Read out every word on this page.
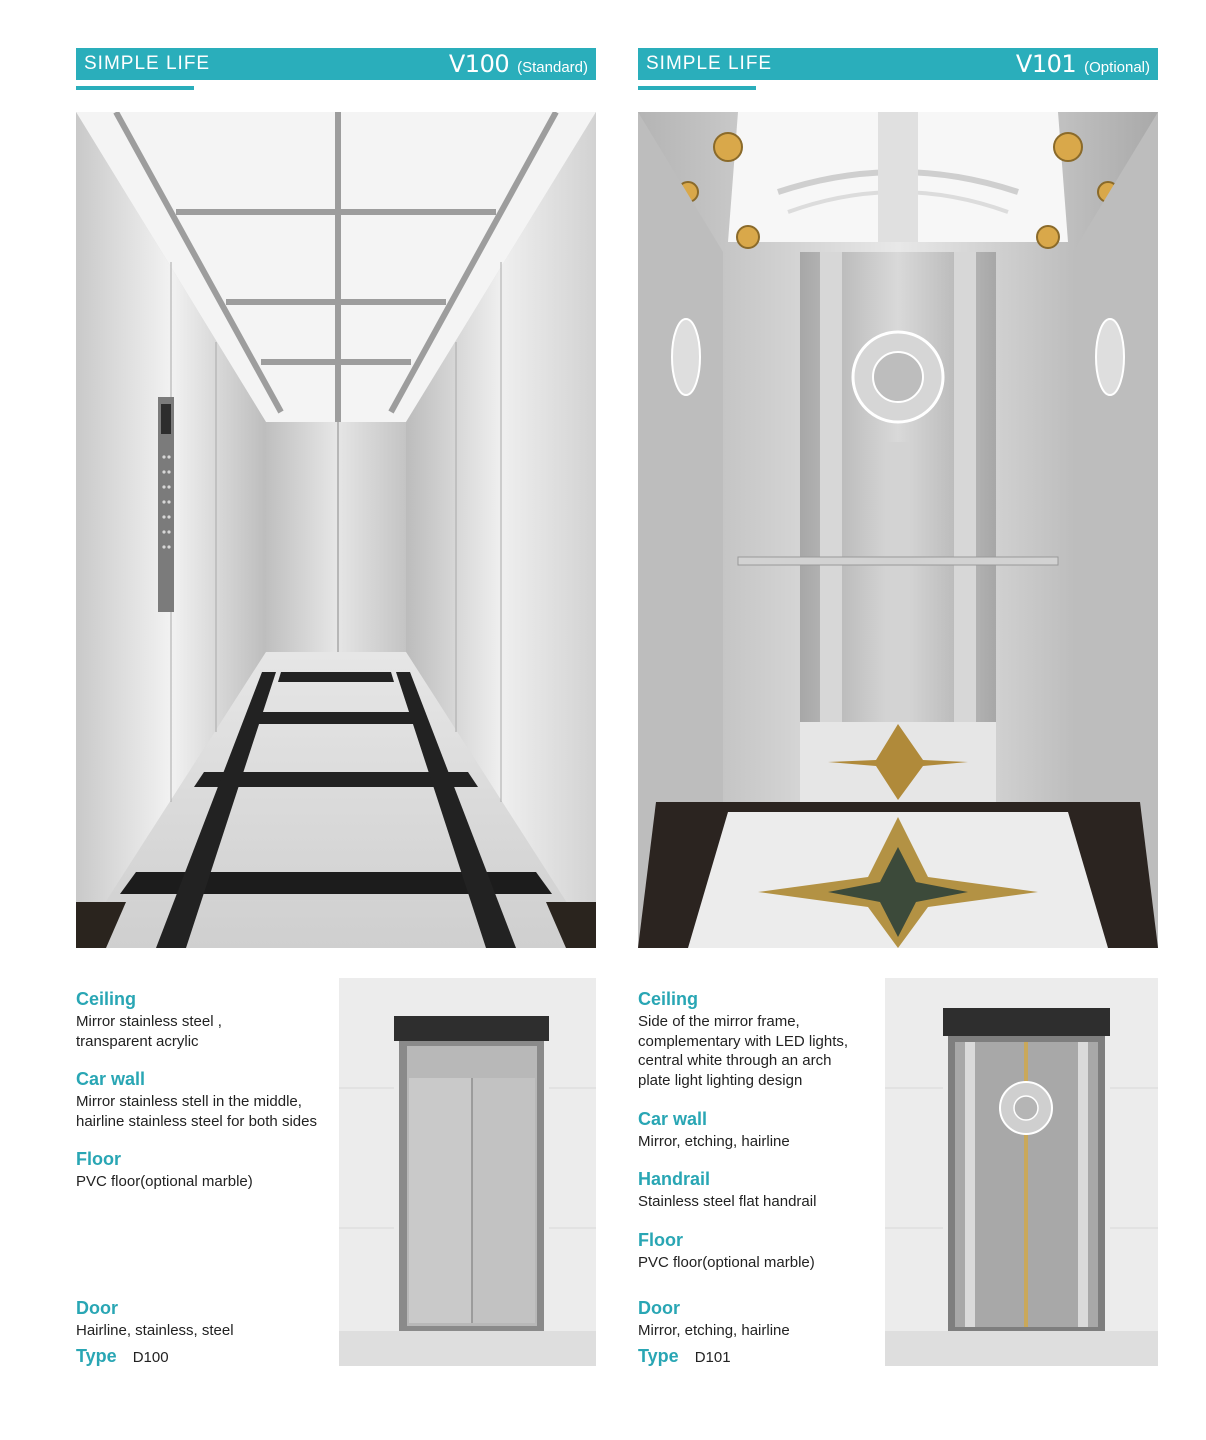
SIMPLE LIFE	V100 (Standard)

Ceiling

Mirror stainless steel ,
transparent acrylic

Car wall

Mirror stainless stell in the middle,
hairline stainless steel for both sides

Floor

PVC floor(optional marble)

Door

Hairline, stainless, steel

Type D100
SIMPLE LIFE	V101 (Optional)

Ceiling

Side of the mirror frame,
complementary with LED lights,
central white through an arch
plate light lighting design

Car wall

Mirror, etching, hairline

Handrail

Stainless steel flat handrail

Floor

PVC floor(optional marble)

Door

Mirror, etching, hairline

Type D101
